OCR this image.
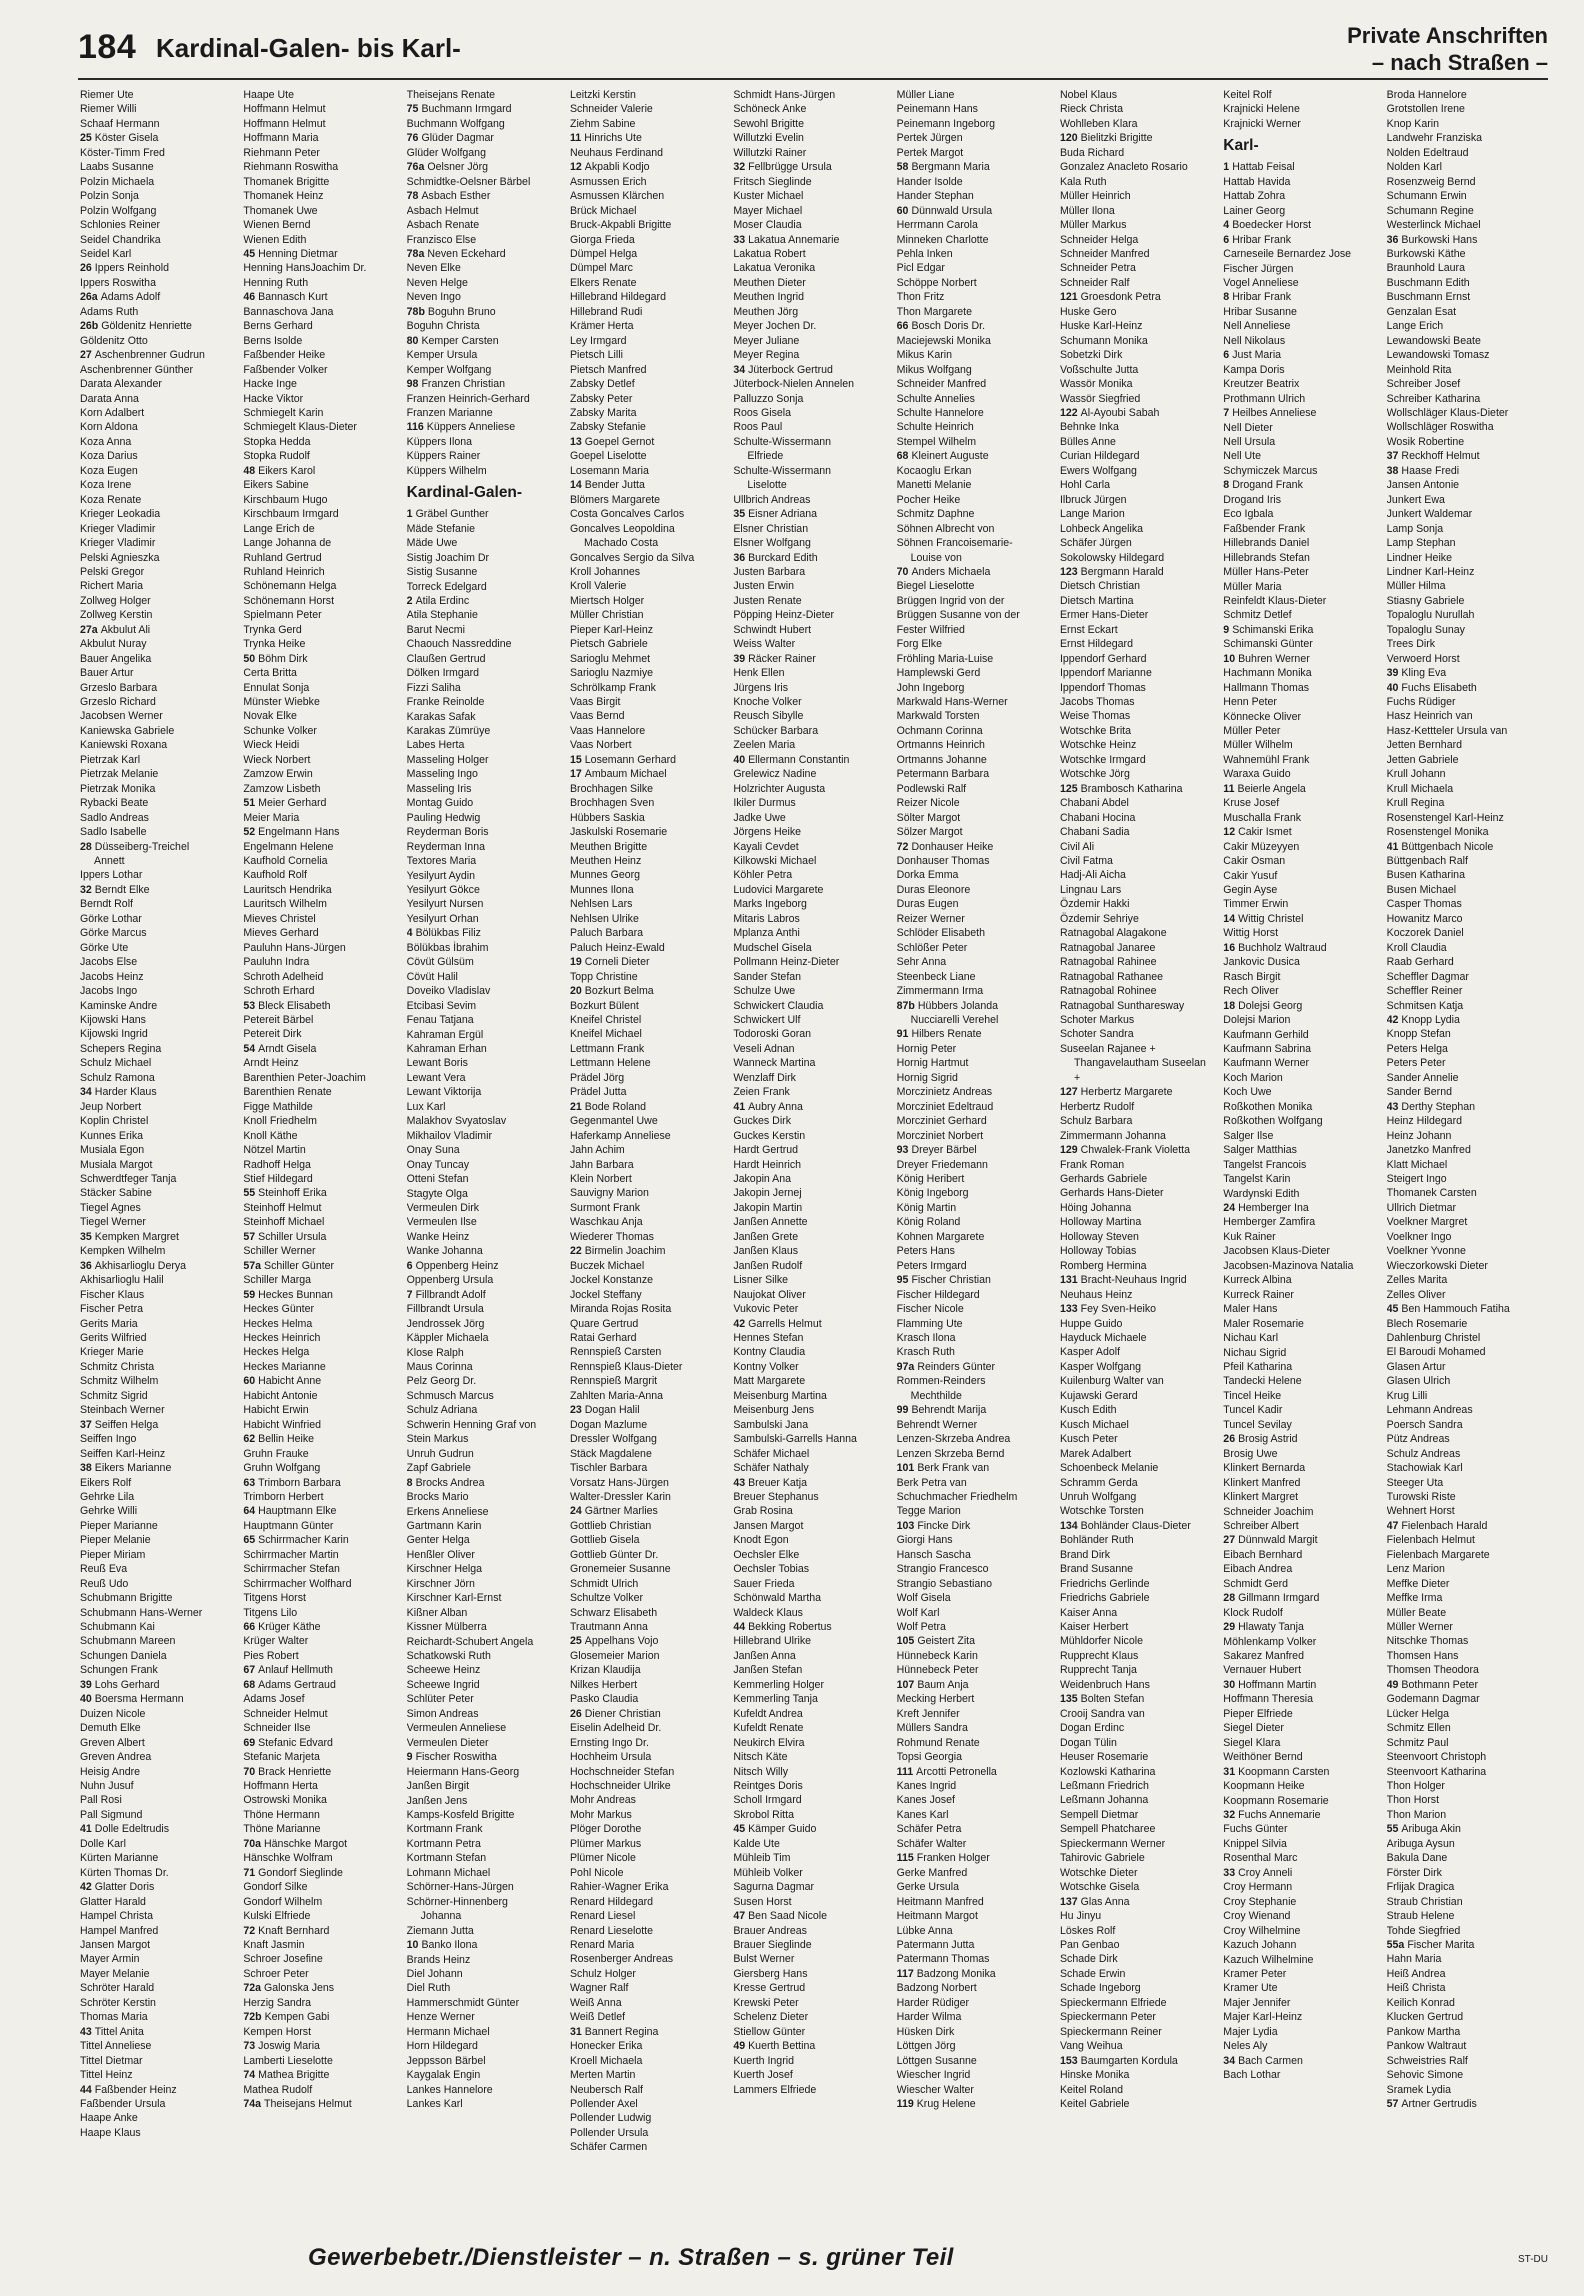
184 Kardinal-Galen- bis Karl-	Private Anschriften
– nach Straßen –
Riemer Ute
Riemer Willi
Schaaf Hermann
25 Köster Gisela
Köster-Timm Fred
Laabs Susanne
Polzin Michaela
Polzin Sonja
Polzin Wolfgang
Schlonies Reiner
Seidel Chandrika
Seidel Karl
26 Ippers Reinhold
Ippers Roswitha
26a Adams Adolf
Adams Ruth
26b Göldenitz Henriette
Göldenitz Otto
27 Aschenbrenner Gudrun
Aschenbrenner Günther
Darata Alexander
Darata Anna
Korn Adalbert
Korn Aldona
Koza Anna
Koza Darius
Koza Eugen
Koza Irene
Koza Renate
Krieger Leokadia
Krieger Vladimir
Krieger Vladimir
Pelski Agnieszka
Pelski Gregor
Richert Maria
Zollweg Holger
Zollweg Kerstin
27a Akbulut Ali
Akbulut Nuray
Bauer Angelika
Bauer Artur
Grzeslo Barbara
Grzeslo Richard
Jacobsen Werner
Kaniewska Gabriele
Kaniewski Roxana
Pietrzak Karl
Pietrzak Melanie
Pietrzak Monika
Rybacki Beate
Sadlo Andreas
Sadlo Isabelle
28 Düsseiberg-Treichel
Annett
Ippers Lothar
32 Berndt Elke
Berndt Rolf
Görke Lothar
Görke Marcus
Görke Ute
Jacobs Else
Jacobs Heinz
Jacobs Ingo
Kaminske Andre
Kijowski Hans
Kijowski Ingrid
Schepers Regina
Schulz Michael
Schulz Ramona
34 Harder Klaus
Jeup Norbert
Koplin Christel
Kunnes Erika
Musiala Egon
Musiala Margot
Schwerdtfeger Tanja
Stäcker Sabine
Tiegel Agnes
Tiegel Werner
35 Kempken Margret
Kempken Wilhelm
36 Akhisarlioglu Derya
Akhisarlioglu Halil
Fischer Klaus
Fischer Petra
Gerits Maria
Gerits Wilfried
Krieger Marie
Schmitz Christa
Schmitz Wilhelm
Schmitz Sigrid
Steinbach Werner
37 Seiffen Helga
Seiffen Ingo
Seiffen Karl-Heinz
38 Eikers Marianne
Eikers Rolf
Gehrke Lila
Gehrke Willi
Pieper Marianne
Pieper Melanie
Pieper Miriam
Reuß Eva
Reuß Udo
Schubmann Brigitte
Schubmann Hans-Werner
Schubmann Kai
Schubmann Mareen
Schungen Daniela
Schungen Frank
39 Lohs Gerhard
40 Boersma Hermann
Duizen Nicole
Demuth Elke
Greven Albert
Greven Andrea
Heisig Andre
Nuhn Jusuf
Pall Rosi
Pall Sigmund
41 Dolle Edeltrudis
Dolle Karl
Kürten Marianne
Kürten Thomas Dr.
42 Glatter Doris
Glatter Harald
Hampel Christa
Hampel Manfred
Jansen Margot
Mayer Armin
Mayer Melanie
Schröter Harald
Schröter Kerstin
Thomas Maria
43 Tittel Anita
Tittel Anneliese
Tittel Dietmar
Tittel Heinz
44 Faßbender Heinz
Faßbender Ursula
Haape Anke
Haape Klaus
Haape Ute
Hoffmann Helmut
Hoffmann Helmut
Hoffmann Maria
Riehmann Peter
Riehmann Roswitha
Thomanek Brigitte
Thomanek Heinz
Thomanek Uwe
Wienen Bernd
Wienen Edith
45 Henning Dietmar
Henning HansJoachim Dr.
Henning Ruth
46 Bannasch Kurt
Bannaschova Jana
Berns Gerhard
Berns Isolde
Faßbender Heike
Faßbender Volker
Hacke Inge
Hacke Viktor
Schmiegelt Karin
Schmiegelt Klaus-Dieter
Stopka Hedda
Stopka Rudolf
48 Eikers Karol
Eikers Sabine
Kirschbaum Hugo
Kirschbaum Irmgard
Lange Erich de
Lange Johanna de
Ruhland Gertrud
Ruhland Heinrich
Schönemann Helga
Schönemann Horst
Spielmann Peter
Trynka Gerd
Trynka Heike
50 Böhm Dirk
Certa Britta
Ennulat Sonja
Münster Wiebke
Novak Elke
Schunke Volker
Wieck Heidi
Wieck Norbert
Zamzow Erwin
Zamzow Lisbeth
51 Meier Gerhard
Meier Maria
52 Engelmann Hans
Engelmann Helene
Kaufhold Cornelia
Kaufhold Rolf
Lauritsch Hendrika
Lauritsch Wilhelm
Mieves Christel
Mieves Gerhard
Pauluhn Hans-Jürgen
Pauluhn Indra
Schroth Adelheid
Schroth Erhard
53 Bleck Elisabeth
Petereit Bärbel
Petereit Dirk
54 Arndt Gisela
Arndt Heinz
Barenthien Peter-Joachim
Barenthien Renate
Figge Mathilde
Knoll Friedhelm
Knoll Käthe
Nötzel Martin
Radhoff Helga
Stief Hildegard
55 Steinhoff Erika
Steinhoff Helmut
Steinhoff Michael
57 Schiller Ursula
Schiller Werner
57a Schiller Günter
Schiller Marga
59 Heckes Bunnan
Heckes Günter
Heckes Helma
Heckes Heinrich
Heckes Helga
Heckes Marianne
60 Habicht Anne
Habicht Antonie
Habicht Erwin
Habicht Winfried
62 Bellin Heike
Gruhn Frauke
Gruhn Wolfgang
63 Trimborn Barbara
Trimborn Herbert
64 Hauptmann Elke
Hauptmann Günter
65 Schirrmacher Karin
Schirrmacher Martin
Schirrmacher Stefan
Schirrmacher Wolfhard
Titgens Horst
Titgens Lilo
66 Krüger Käthe
Krüger Walter
Pies Robert
67 Anlauf Hellmuth
68 Adams Gertraud
Adams Josef
Schneider Helmut
Schneider Ilse
69 Stefanic Edvard
Stefanic Marjeta
70 Brack Henriette
Hoffmann Herta
Ostrowski Monika
Thöne Hermann
Thöne Marianne
70a Hänschke Margot
Hänschke Wolfram
71 Gondorf Sieglinde
Gondorf Silke
Gondorf Wilhelm
Kulski Elfriede
72 Knaft Bernhard
Knaft Jasmin
Schroer Josefine
Schroer Peter
72a Galonska Jens
Herzig Sandra
72b Kempen Gabi
Kempen Horst
73 Joswig Maria
Lamberti Lieselotte
74 Mathea Brigitte
Mathea Rudolf
74a Theisejans Helmut
Theisejans Renate
75 Buchmann Irmgard
Buchmann Wolfgang
76 Glüder Dagmar
Glüder Wolfgang
76a Oelsner Jörg
Schmidtke-Oelsner Bärbel
78 Asbach Esther
Asbach Helmut
Asbach Renate
Franzisco Else
78a Neven Eckehard
Neven Elke
Neven Helge
Neven Ingo
78b Boguhn Bruno
Boguhn Christa
80 Kemper Carsten
Kemper Ursula
Kemper Wolfgang
98 Franzen Christian
Franzen Heinrich-Gerhard
Franzen Marianne
116 Küppers Anneliese
Küppers Ilona
Küppers Rainer
Küppers Wilhelm
Kardinal-Galen-
1 Gräbel Gunther
Mäde Stefanie
Mäde Uwe
Sistig Joachim Dr
Sistig Susanne
Torreck Edelgard
2 Atila Erdinc
Atila Stephanie
Barut Necmi
Chaouch Nassreddine
Claußen Gertrud
Dölken Irmgard
Fizzi Saliha
Franke Reinolde
Karakas Safak
Karakas Zümrüye
Labes Herta
Masseling Holger
Masseling Ingo
Masseling Iris
Montag Guido
Pauling Hedwig
Reyderman Boris
Reyderman Inna
Textores Maria
Yesilyurt Aydin
Yesilyurt Gökce
Yesilyurt Nursen
Yesilyurt Orhan
4 Bölükbas Filiz
Bölükbas İbrahim
Cövüt Gülsüm
Cövüt Halil
Doveiko Vladislav
Etcibasi Sevim
Fenau Tatjana
Kahraman Ergül
Kahraman Erhan
Lewant Boris
Lewant Vera
Lewant Viktorija
Lux Karl
Malakhov Svyatoslav
Mikhailov Vladimir
Onay Suna
Onay Tuncay
Otteni Stefan
Stagyte Olga
Vermeulen Dirk
Vermeulen Ilse
Wanke Heinz
Wanke Johanna
6 Oppenberg Heinz
Oppenberg Ursula
7 Fillbrandt Adolf
Fillbrandt Ursula
Jendrossek Jörg
Käppler Michaela
Klose Ralph
Maus Corinna
Pelz Georg Dr.
Schmusch Marcus
Schulz Adriana
Schwerin Henning Graf von
Stein Markus
Unruh Gudrun
Zapf Gabriele
8 Brocks Andrea
Brocks Mario
Erkens Anneliese
Gartmann Karin
Genter Helga
Henßler Oliver
Kirschner Helga
Kirschner Jörn
Kirschner Karl-Ernst
Kißner Alban
Kissner Mülberra
Reichardt-Schubert Angela
Schatkowski Ruth
Scheewe Heinz
Scheewe Ingrid
Schlüter Peter
Simon Andreas
Vermeulen Anneliese
Vermeulen Dieter
9 Fischer Roswitha
Heiermann Hans-Georg
Janßen Birgit
Janßen Jens
Kamps-Kosfeld Brigitte
Kortmann Frank
Kortmann Petra
Kortmann Stefan
Lohmann Michael
Schörner-Hans-Jürgen
Schörner-Hinnenberg
Johanna
Ziemann Jutta
10 Banko Ilona
Brands Heinz
Diel Johann
Diel Ruth
Hammerschmidt Günter
Henze Werner
Hermann Michael
Horn Hildegard
Jeppsson Bärbel
Kaygalak Engin
Lankes Hannelore
Lankes Karl
Leitzki Kerstin
Schneider Valerie
Ziehm Sabine
11 Hinrichs Ute
Neuhaus Ferdinand
12 Akpabli Kodjo
Asmussen Erich
Asmussen Klärchen
Brück Michael
Bruck-Akpabli Brigitte
Giorga Frieda
Dümpel Helga
Dümpel Marc
Elkers Renate
Hillebrand Hildegard
Hillebrand Rudi
Krämer Herta
Ley Irmgard
Pietsch Lilli
Pietsch Manfred
Zabsky Detlef
Zabsky Peter
Zabsky Marita
Zabsky Stefanie
13 Goepel Gernot
Goepel Liselotte
Losemann Maria
14 Bender Jutta
Blömers Margarete
Costa Goncalves Carlos
Goncalves Leopoldina
Machado Costa
Goncalves Sergio da Silva
Kroll Johannes
Kroll Valerie
Miertsch Holger
Müller Christian
Pieper Karl-Heinz
Pietsch Gabriele
Sarioglu Mehmet
Sarioglu Nazmiye
Schrölkamp Frank
Vaas Birgit
Vaas Bernd
Vaas Hannelore
Vaas Norbert
15 Losemann Gerhard
17 Ambaum Michael
Brochhagen Silke
Brochhagen Sven
Hübbers Saskia
Jaskulski Rosemarie
Meuthen Brigitte
Meuthen Heinz
Munnes Georg
Munnes Ilona
Nehlsen Lars
Nehlsen Ulrike
Paluch Barbara
Paluch Heinz-Ewald
19 Corneli Dieter
Topp Christine
20 Bozkurt Belma
Bozkurt Bülent
Kneifel Christel
Kneifel Michael
Lettmann Frank
Lettmann Helene
Prädel Jörg
Prädel Jutta
21 Bode Roland
Gegenmantel Uwe
Haferkamp Anneliese
Jahn Achim
Jahn Barbara
Klein Norbert
Sauvigny Marion
Surmont Frank
Waschkau Anja
Wiederer Thomas
22 Birmelin Joachim
Buczek Michael
Jockel Konstanze
Jockel Steffany
Miranda Rojas Rosita
Quare Gertrud
Ratai Gerhard
Rennspieß Carsten
Rennspieß Klaus-Dieter
Rennspieß Margrit
Zahlten Maria-Anna
23 Dogan Halil
Dogan Mazlume
Dressler Wolfgang
Stäck Magdalene
Tischler Barbara
Vorsatz Hans-Jürgen
Walter-Dressler Karin
24 Gärtner Marlies
Gottlieb Christian
Gottlieb Gisela
Gottlieb Günter Dr.
Gronemeier Susanne
Schmidt Ulrich
Schultze Volker
Schwarz Elisabeth
Trautmann Anna
25 Appelhans Vojo
Glosemeier Marion
Krizan Klaudija
Nilkes Herbert
Pasko Claudia
26 Diener Christian
Eiselin Adelheid Dr.
Ernsting Ingo Dr.
Hochheim Ursula
Hochschneider Stefan
Hochschneider Ulrike
Mohr Andreas
Mohr Markus
Plöger Dorothe
Plümer Markus
Plümer Nicole
Pohl Nicole
Rahier-Wagner Erika
Renard Hildegard
Renard Liesel
Renard Lieselotte
Renard Maria
Rosenberger Andreas
Schulz Holger
Wagner Ralf
Weiß Anna
Weiß Detlef
31 Bannert Regina
Honecker Erika
Kroell Michaela
Merten Martin
Neubersch Ralf
Pollender Axel
Pollender Ludwig
Pollender Ursula
Schäfer Carmen
Schmidt Hans-Jürgen
Schöneck Anke
Sewohl Brigitte
Willutzki Evelin
Willutzki Rainer
32 Fellbrügge Ursula
Fritsch Sieglinde
Kuster Michael
Mayer Michael
Moser Claudia
33 Lakatua Annemarie
Lakatua Robert
Lakatua Veronika
Meuthen Dieter
Meuthen Ingrid
Meuthen Jörg
Meyer Jochen Dr.
Meyer Juliane
Meyer Regina
34 Jüterbock Gertrud
Jüterbock-Nielen Annelen
Palluzzo Sonja
Roos Gisela
Roos Paul
Schulte-Wissermann
Elfriede
Schulte-Wissermann
Liselotte
Ullbrich Andreas
35 Eisner Adriana
Elsner Christian
Elsner Wolfgang
36 Burckard Edith
Justen Barbara
Justen Erwin
Justen Renate
Pöpping Heinz-Dieter
Schwindt Hubert
Weiss Walter
39 Räcker Rainer
Henk Ellen
Jürgens Iris
Knoche Volker
Reusch Sibylle
Schücker Barbara
Zeelen Maria
40 Ellermann Constantin
Grelewicz Nadine
Holzrichter Augusta
Ikiler Durmus
Jadke Uwe
Jörgens Heike
Kayali Cevdet
Kilkowski Michael
Köhler Petra
Ludovici Margarete
Marks Ingeborg
Mitaris Labros
Mplanza Anthi
Mudschel Gisela
Pollmann Heinz-Dieter
Sander Stefan
Schulze Uwe
Schwickert Claudia
Schwickert Ulf
Todoroski Goran
Veseli Adnan
Wanneck Martina
Wenzlaff Dirk
Zeien Frank
41 Aubry Anna
Guckes Dirk
Guckes Kerstin
Hardt Gertrud
Hardt Heinrich
Jakopin Ana
Jakopin Jernej
Jakopin Martin
Janßen Annette
Janßen Grete
Janßen Klaus
Janßen Rudolf
Lisner Silke
Naujokat Oliver
Vukovic Peter
42 Garrells Helmut
Hennes Stefan
Kontny Claudia
Kontny Volker
Matt Margarete
Meisenburg Martina
Meisenburg Jens
Sambulski Jana
Sambulski-Garrells Hanna
Schäfer Michael
Schäfer Nathaly
43 Breuer Katja
Breuer Stephanus
Grab Rosina
Jansen Margot
Knodt Egon
Oechsler Elke
Oechsler Tobias
Sauer Frieda
Schönwald Martha
Waldeck Klaus
44 Bekking Robertus
Hillebrand Ulrike
Janßen Anna
Janßen Stefan
Kemmerling Holger
Kemmerling Tanja
Kufeldt Andrea
Kufeldt Renate
Neukirch Elvira
Nitsch Käte
Nitsch Willy
Reintges Doris
Scholl Irmgard
Skrobol Ritta
45 Kämper Guido
Kalde Ute
Mühleib Tim
Mühleib Volker
Sagurna Dagmar
Susen Horst
47 Ben Saad Nicole
Brauer Andreas
Brauer Sieglinde
Bulst Werner
Giersberg Hans
Kresse Gertrud
Krewski Peter
Schelenz Dieter
Stiellow Günter
49 Kuerth Bettina
Kuerth Ingrid
Kuerth Josef
Lammers Elfriede
Müller Liane
Peinemann Hans
Peinemann Ingeborg
Pertek Jürgen
Pertek Margot
58 Bergmann Maria
Hander Isolde
Hander Stephan
60 Dünnwald Ursula
Herrmann Carola
Minneken Charlotte
Pehla Inken
Picl Edgar
Schöppe Norbert
Thon Fritz
Thon Margarete
66 Bosch Doris Dr.
Maciejewski Monika
Mikus Karin
Mikus Wolfgang
Schneider Manfred
Schulte Annelies
Schulte Hannelore
Schulte Heinrich
Stempel Wilhelm
68 Kleinert Auguste
Kocaoglu Erkan
Manetti Melanie
Pocher Heike
Schmitz Daphne
Söhnen Albrecht von
Söhnen Francoisemarie-
Louise von
70 Anders Michaela
Biegel Lieselotte
Brüggen Ingrid von der
Brüggen Susanne von der
Fester Wilfried
Forg Elke
Fröhling Maria-Luise
Hamplewski Gerd
John Ingeborg
Markwald Hans-Werner
Markwald Torsten
Ochmann Corinna
Ortmanns Heinrich
Ortmanns Johanne
Petermann Barbara
Podlewski Ralf
Reizer Nicole
Sölter Margot
Sölzer Margot
72 Donhauser Heike
Donhauser Thomas
Dorka Emma
Duras Eleonore
Duras Eugen
Reizer Werner
Schlöder Elisabeth
Schlößer Peter
Sehr Anna
Steenbeck Liane
Zimmermann Irma
87b Hübbers Jolanda
Nucciarelli Verehel
91 Hilbers Renate
Hornig Peter
Hornig Hartmut
Hornig Sigrid
Morczinietz Andreas
Morcziniet Edeltraud
Morcziniet Gerhard
Morcziniet Norbert
93 Dreyer Bärbel
Dreyer Friedemann
König Heribert
König Ingeborg
König Martin
König Roland
Kohnen Margarete
Peters Hans
Peters Irmgard
95 Fischer Christian
Fischer Hildegard
Fischer Nicole
Flamming Ute
Krasch Ilona
Krasch Ruth
97a Reinders Günter
Rommen-Reinders
Mechthilde
99 Behrendt Marija
Behrendt Werner
Lenzen-Skrzeba Andrea
Lenzen Skrzeba Bernd
101 Berk Frank van
Berk Petra van
Schuchmacher Friedhelm
Tegge Marion
103 Fincke Dirk
Giorgi Hans
Hansch Sascha
Strangio Francesco
Strangio Sebastiano
Wolf Gisela
Wolf Karl
Wolf Petra
105 Geistert Zita
Hünnebeck Karin
Hünnebeck Peter
107 Baum Anja
Mecking Herbert
Kreft Jennifer
Müllers Sandra
Rohmund Renate
Topsi Georgia
111 Arcotti Petronella
Kanes Ingrid
Kanes Josef
Kanes Karl
Schäfer Petra
Schäfer Walter
115 Franken Holger
Gerke Manfred
Gerke Ursula
Heitmann Manfred
Heitmann Margot
Lübke Anna
Patermann Jutta
Patermann Thomas
117 Badzong Monika
Badzong Norbert
Harder Rüdiger
Harder Wilma
Hüsken Dirk
Löttgen Jörg
Löttgen Susanne
Wiescher Ingrid
Wiescher Walter
119 Krug Helene
Nobel Klaus
Rieck Christa
Wohlleben Klara
120 Bielitzki Brigitte
Buda Richard
Gonzalez Anacleto Rosario
Kala Ruth
Müller Heinrich
Müller Ilona
Müller Markus
Schneider Helga
Schneider Manfred
Schneider Petra
Schneider Ralf
121 Groesdonk Petra
Huske Gero
Huske Karl-Heinz
Schumann Monika
Sobetzki Dirk
Voßschulte Jutta
Wassör Monika
Wassör Siegfried
122 Al-Ayoubi Sabah
Behnke Inka
Bülles Anne
Curian Hildegard
Ewers Wolfgang
Hohl Carla
Ilbruck Jürgen
Lange Marion
Lohbeck Angelika
Schäfer Jürgen
Sokolowsky Hildegard
123 Bergmann Harald
Dietsch Christian
Dietsch Martina
Ermer Hans-Dieter
Ernst Eckart
Ernst Hildegard
Ippendorf Gerhard
Ippendorf Marianne
Ippendorf Thomas
Jacobs Thomas
Weise Thomas
Wotschke Brita
Wotschke Heinz
Wotschke Irmgard
Wotschke Jörg
125 Brambosch Katharina
Chabani Abdel
Chabani Hocina
Chabani Sadia
Civil Ali
Civil Fatma
Hadj-Ali Aicha
Lingnau Lars
Özdemir Hakki
Özdemir Sehriye
Ratnagobal Alagakone
Ratnagobal Janaree
Ratnagobal Rahinee
Ratnagobal Rathanee
Ratnagobal Rohinee
Ratnagobal Suntharesway
Schoter Markus
Schoter Sandra
Suseelan Rajanee +
Thangavelautham Suseelan
+
127 Herbertz Margarete
Herbertz Rudolf
Schulz Barbara
Zimmermann Johanna
129 Chwalek-Frank Violetta
Frank Roman
Gerhards Gabriele
Gerhards Hans-Dieter
Höing Johanna
Holloway Martina
Holloway Steven
Holloway Tobias
Romberg Hermina
131 Bracht-Neuhaus Ingrid
Neuhaus Heinz
133 Fey Sven-Heiko
Huppe Guido
Hayduck Michaele
Kasper Adolf
Kasper Wolfgang
Kuilenburg Walter van
Kujawski Gerard
Kusch Edith
Kusch Michael
Kusch Peter
Marek Adalbert
Schoenbeck Melanie
Schramm Gerda
Unruh Wolfgang
Wotschke Torsten
134 Bohländer Claus-Dieter
Bohländer Ruth
Brand Dirk
Brand Susanne
Friedrichs Gerlinde
Friedrichs Gabriele
Kaiser Anna
Kaiser Herbert
Mühldorfer Nicole
Rupprecht Klaus
Rupprecht Tanja
Weidenbruch Hans
135 Bolten Stefan
Crooij Sandra van
Dogan Erdinc
Dogan Tülin
Heuser Rosemarie
Kozlowski Katharina
Leßmann Friedrich
Leßmann Johanna
Sempell Dietmar
Sempell Phatcharee
Spieckermann Werner
Tahirovic Gabriele
Wotschke Dieter
Wotschke Gisela
137 Glas Anna
Hu Jinyu
Löskes Rolf
Pan Genbao
Schade Dirk
Schade Erwin
Schade Ingeborg
Spieckermann Elfriede
Spieckermann Peter
Spieckermann Reiner
Vang Weihua
153 Baumgarten Kordula
Hinske Monika
Keitel Roland
Keitel Gabriele
Keitel Rolf
Krajnicki Helene
Krajnicki Werner
Karl-
1 Hattab Feisal
Hattab Havida
Hattab Zohra
Lainer Georg
4 Boedecker Horst
6 Hribar Frank
Carneseile Bernardez Jose
Fischer Jürgen
Vogel Anneliese
8 Hribar Frank
Hribar Susanne
Nell Anneliese
Nell Nikolaus
6 Just Maria
Kampa Doris
Kreutzer Beatrix
Prothmann Ulrich
7 Heilbes Anneliese
Nell Dieter
Nell Ursula
Nell Ute
Schymiczek Marcus
8 Drogand Frank
Drogand Iris
Eco Igbala
Faßbender Frank
Hillebrands Daniel
Hillebrands Stefan
Müller Hans-Peter
Müller Maria
Reinfeldt Klaus-Dieter
Schmitz Detlef
9 Schimanski Erika
Schimanski Günter
10 Buhren Werner
Hachmann Monika
Hallmann Thomas
Henn Peter
Könnecke Oliver
Müller Peter
Müller Wilhelm
Wahnemühl Frank
Waraxa Guido
11 Beierle Angela
Kruse Josef
Muschalla Frank
12 Cakir Ismet
Cakir Müzeyyen
Cakir Osman
Cakir Yusuf
Gegin Ayse
Timmer Erwin
14 Wittig Christel
Wittig Horst
16 Buchholz Waltraud
Jankovic Dusica
Rasch Birgit
Rech Oliver
18 Dolejsi Georg
Dolejsi Marion
Kaufmann Gerhild
Kaufmann Sabrina
Kaufmann Werner
Koch Marion
Koch Uwe
Roßkothen Monika
Roßkothen Wolfgang
Salger Ilse
Salger Matthias
Tangelst Francois
Tangelst Karin
Wardynski Edith
24 Hemberger Ina
Hemberger Zamfira
Kuk Rainer
Jacobsen Klaus-Dieter
Jacobsen-Mazinova Natalia
Kurreck Albina
Kurreck Rainer
Maler Hans
Maler Rosemarie
Nichau Karl
Nichau Sigrid
Pfeil Katharina
Tandecki Helene
Tincel Heike
Tuncel Kadir
Tuncel Sevilay
26 Brosig Astrid
Brosig Uwe
Klinkert Bernarda
Klinkert Manfred
Klinkert Margret
Schneider Joachim
Schreiber Albert
27 Dünnwald Margit
Eibach Bernhard
Eibach Andrea
Schmidt Gerd
28 Gillmann Irmgard
Klock Rudolf
29 Hlawaty Tanja
Möhlenkamp Volker
Sakarez Manfred
Vernauer Hubert
30 Hoffmann Martin
Hoffmann Theresia
Pieper Elfriede
Siegel Dieter
Siegel Klara
Weithöner Bernd
31 Koopmann Carsten
Koopmann Heike
Koopmann Rosemarie
32 Fuchs Annemarie
Fuchs Günter
Knippel Silvia
Rosenthal Marc
33 Croy Anneli
Croy Hermann
Croy Stephanie
Croy Wienand
Croy Wilhelmine
Kazuch Johann
Kazuch Wilhelmine
Kramer Peter
Kramer Ute
Majer Jennifer
Majer Karl-Heinz
Majer Lydia
Neles Aly
34 Bach Carmen
Bach Lothar
Broda Hannelore
Grotstollen Irene
Knop Karin
Landwehr Franziska
Nolden Edeltraud
Nolden Karl
Rosenzweig Bernd
Schumann Erwin
Schumann Regine
Westerlinck Michael
36 Burkowski Hans
Burkowski Käthe
Braunhold Laura
Buschmann Edith
Buschmann Ernst
Genzalan Esat
Lange Erich
Lewandowski Beate
Lewandowski Tomasz
Meinhold Rita
Schreiber Josef
Schreiber Katharina
Wollschläger Klaus-Dieter
Wollschläger Roswitha
Wosik Robertine
37 Reckhoff Helmut
38 Haase Fredi
Jansen Antonie
Junkert Ewa
Junkert Waldemar
Lamp Sonja
Lamp Stephan
Lindner Heike
Lindner Karl-Heinz
Müller Hilma
Stiasny Gabriele
Topaloglu Nurullah
Topaloglu Sunay
Trees Dirk
Verwoerd Horst
39 Kling Eva
40 Fuchs Elisabeth
Fuchs Rüdiger
Hasz Heinrich van
Hasz-Kettteler Ursula van
Jetten Bernhard
Jetten Gabriele
Krull Johann
Krull Michaela
Krull Regina
Rosenstengel Karl-Heinz
Rosenstengel Monika
41 Büttgenbach Nicole
Büttgenbach Ralf
Busen Katharina
Busen Michael
Casper Thomas
Howanitz Marco
Koczorek Daniel
Kroll Claudia
Raab Gerhard
Scheffler Dagmar
Scheffler Reiner
Schmitsen Katja
42 Knopp Lydia
Knopp Stefan
Peters Helga
Peters Peter
Sander Annelie
Sander Bernd
43 Derthy Stephan
Heinz Hildegard
Heinz Johann
Janetzko Manfred
Klatt Michael
Steigert Ingo
Thomanek Carsten
Ullrich Dietmar
Voelkner Margret
Voelkner Ingo
Voelkner Yvonne
Wieczorkowski Dieter
Zelles Marita
Zelles Oliver
45 Ben Hammouch Fatiha
Blech Rosemarie
Dahlenburg Christel
El Baroudi Mohamed
Glasen Artur
Glasen Ulrich
Krug Lilli
Lehmann Andreas
Poersch Sandra
Pütz Andreas
Schulz Andreas
Stachowiak Karl
Steeger Uta
Turowski Riste
Wehnert Horst
47 Fielenbach Harald
Fielenbach Helmut
Fielenbach Margarete
Lenz Marion
Meffke Dieter
Meffke Irma
Müller Beate
Müller Werner
Nitschke Thomas
Thomsen Hans
Thomsen Theodora
49 Bothmann Peter
Godemann Dagmar
Lücker Helga
Schmitz Ellen
Schmitz Paul
Steenvoort Christoph
Steenvoort Katharina
Thon Holger
Thon Horst
Thon Marion
55 Aribuga Akin
Aribuga Aysun
Bakula Dane
Förster Dirk
Frlijak Dragica
Straub Christian
Straub Helene
Tohde Siegfried
55a Fischer Marita
Hahn Maria
Heiß Andrea
Heiß Christa
Keilich Konrad
Klucken Gertrud
Pankow Martha
Pankow Waltraut
Schweistries Ralf
Sehovic Simone
Sramek Lydia
57 Artner Gertrudis
Gewerbebetr./Dienstleister – n. Straßen – s. grüner Teil	ST-DU
